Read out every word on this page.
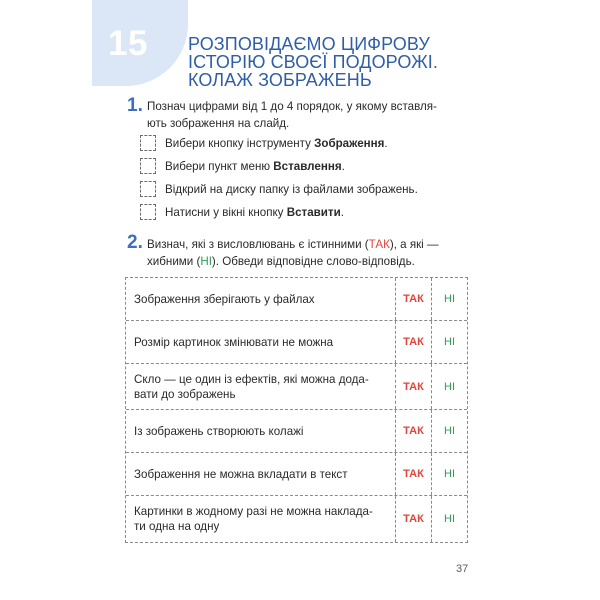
15 РОЗПОВІДАЄМО ЦИФРОВУ
ІСТОРІЮ СВОЄЇ ПОДОРОЖІ.
КОЛАЖ ЗОБРАЖЕНЬ
1. Познач цифрами від 1 до 4 порядок, у якому вставля-
ють зображення на слайд.
Вибери кнопку інструменту Зображення.
Вибери пункт меню Вставлення.
Відкрий на диску папку із файлами зображень.
Натисни у вікні кнопку Вставити.
2. Визнач, які з висловлювань є істинними (ТАК), а які —
хибними (НІ). Обведи відповідне слово-відповідь.
Зображення зберігають у файлах	ТАК	НІ
Розмір картинок змінювати не можна	ТАК	НІ
Скло — це один із ефектів, які можна дода-
вати до зображень
ТАК	НІ
Із зображень створюють колажі	ТАК	НІ
Зображення не можна вкладати в текст	ТАК	НІ
Картинки в жодному разі не можна наклада-
ти одна на одну
ТАК	НІ
37
